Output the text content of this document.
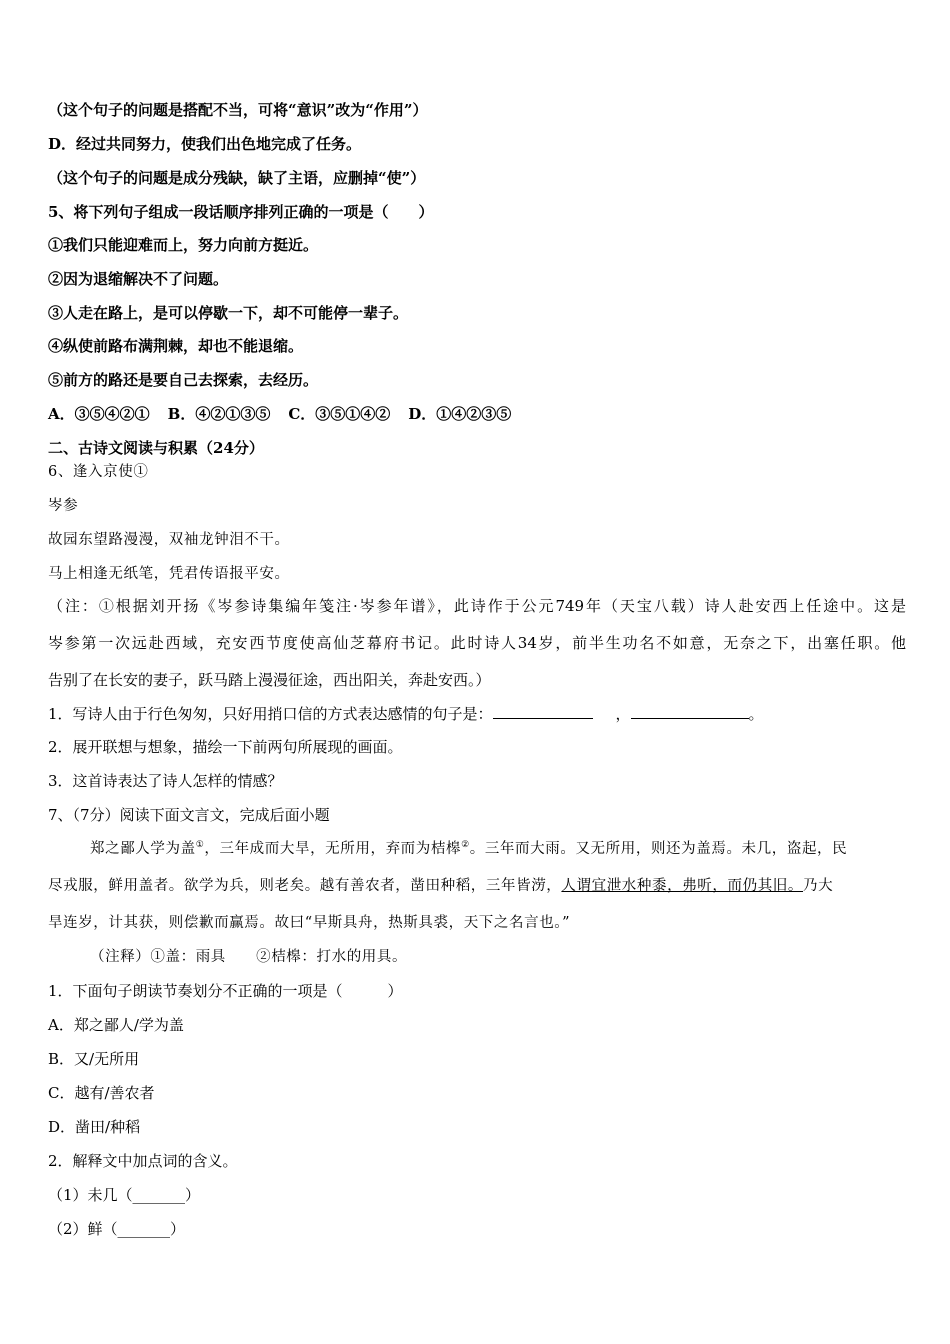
（这个句子的问题是搭配不当，可将“意识”改为“作用”）
D．经过共同努力，使我们出色地完成了任务。
（这个句子的问题是成分残缺，缺了主语，应删掉“使”）
5、将下列句子组成一段话顺序排列正确的一项是（　　）
①我们只能迎难而上，努力向前方挺近。
②因为退缩解决不了问题。
③人走在路上，是可以停歇一下，却不可能停一辈子。
④纵使前路布满荆棘，却也不能退缩。
⑤前方的路还是要自己去探索，去经历。
A．③⑤④②① B．④②①③⑤ C．③⑤①④② D．①④②③⑤
二、古诗文阅读与积累（24分）
6、逢入京使➀
岑参
故园东望路漫漫，双袖龙钟泪不干。
马上相逢无纸笔，凭君传语报平安。
（注：➀根据刘开扬《岑参诗集编年笺注·岑参年谱》，此诗作于公元749年（天宝八载）诗人赴安西上任途中。这是
岑参第一次远赴西域，充安西节度使高仙芝幕府书记。此时诗人34岁，前半生功名不如意，无奈之下，出塞任职。他
告别了在长安的妻子，跃马踏上漫漫征途，西出阳关，奔赴安西。）
1．写诗人由于行色匆匆，只好用捎口信的方式表达感情的句子是：	，	。
2．展开联想与想象，描绘一下前两句所展现的画面。
3．这首诗表达了诗人怎样的情感？
7、（7分）阅读下面文言文，完成后面小题
郑之鄙人学为盖①，三年成而大旱，无所用，弃而为桔槔②。三年而大雨。又无所用，则还为盖焉。未几，盗起，民
尽戎服，鲜用盖者。欲学为兵，则老矣。越有善农者，凿田种稻，三年皆涝，人谓宜泄水种黍，弗听，而仍其旧。乃大
旱连岁，计其获，则偿歉而赢焉。故曰“早斯具舟，热斯具裘，天下之名言也。”
（注释）①盖：雨具　　②桔槔：打水的用具。
1．下面句子朗读节奏划分不正确的一项是（　　　）
A．郑之鄙人/学为盖
B．又/无所用
C．越有/善农者
D．凿田/种稻
2．解释文中加点词的含义。
（1）未几（_______）
（2）鲜（_______）
